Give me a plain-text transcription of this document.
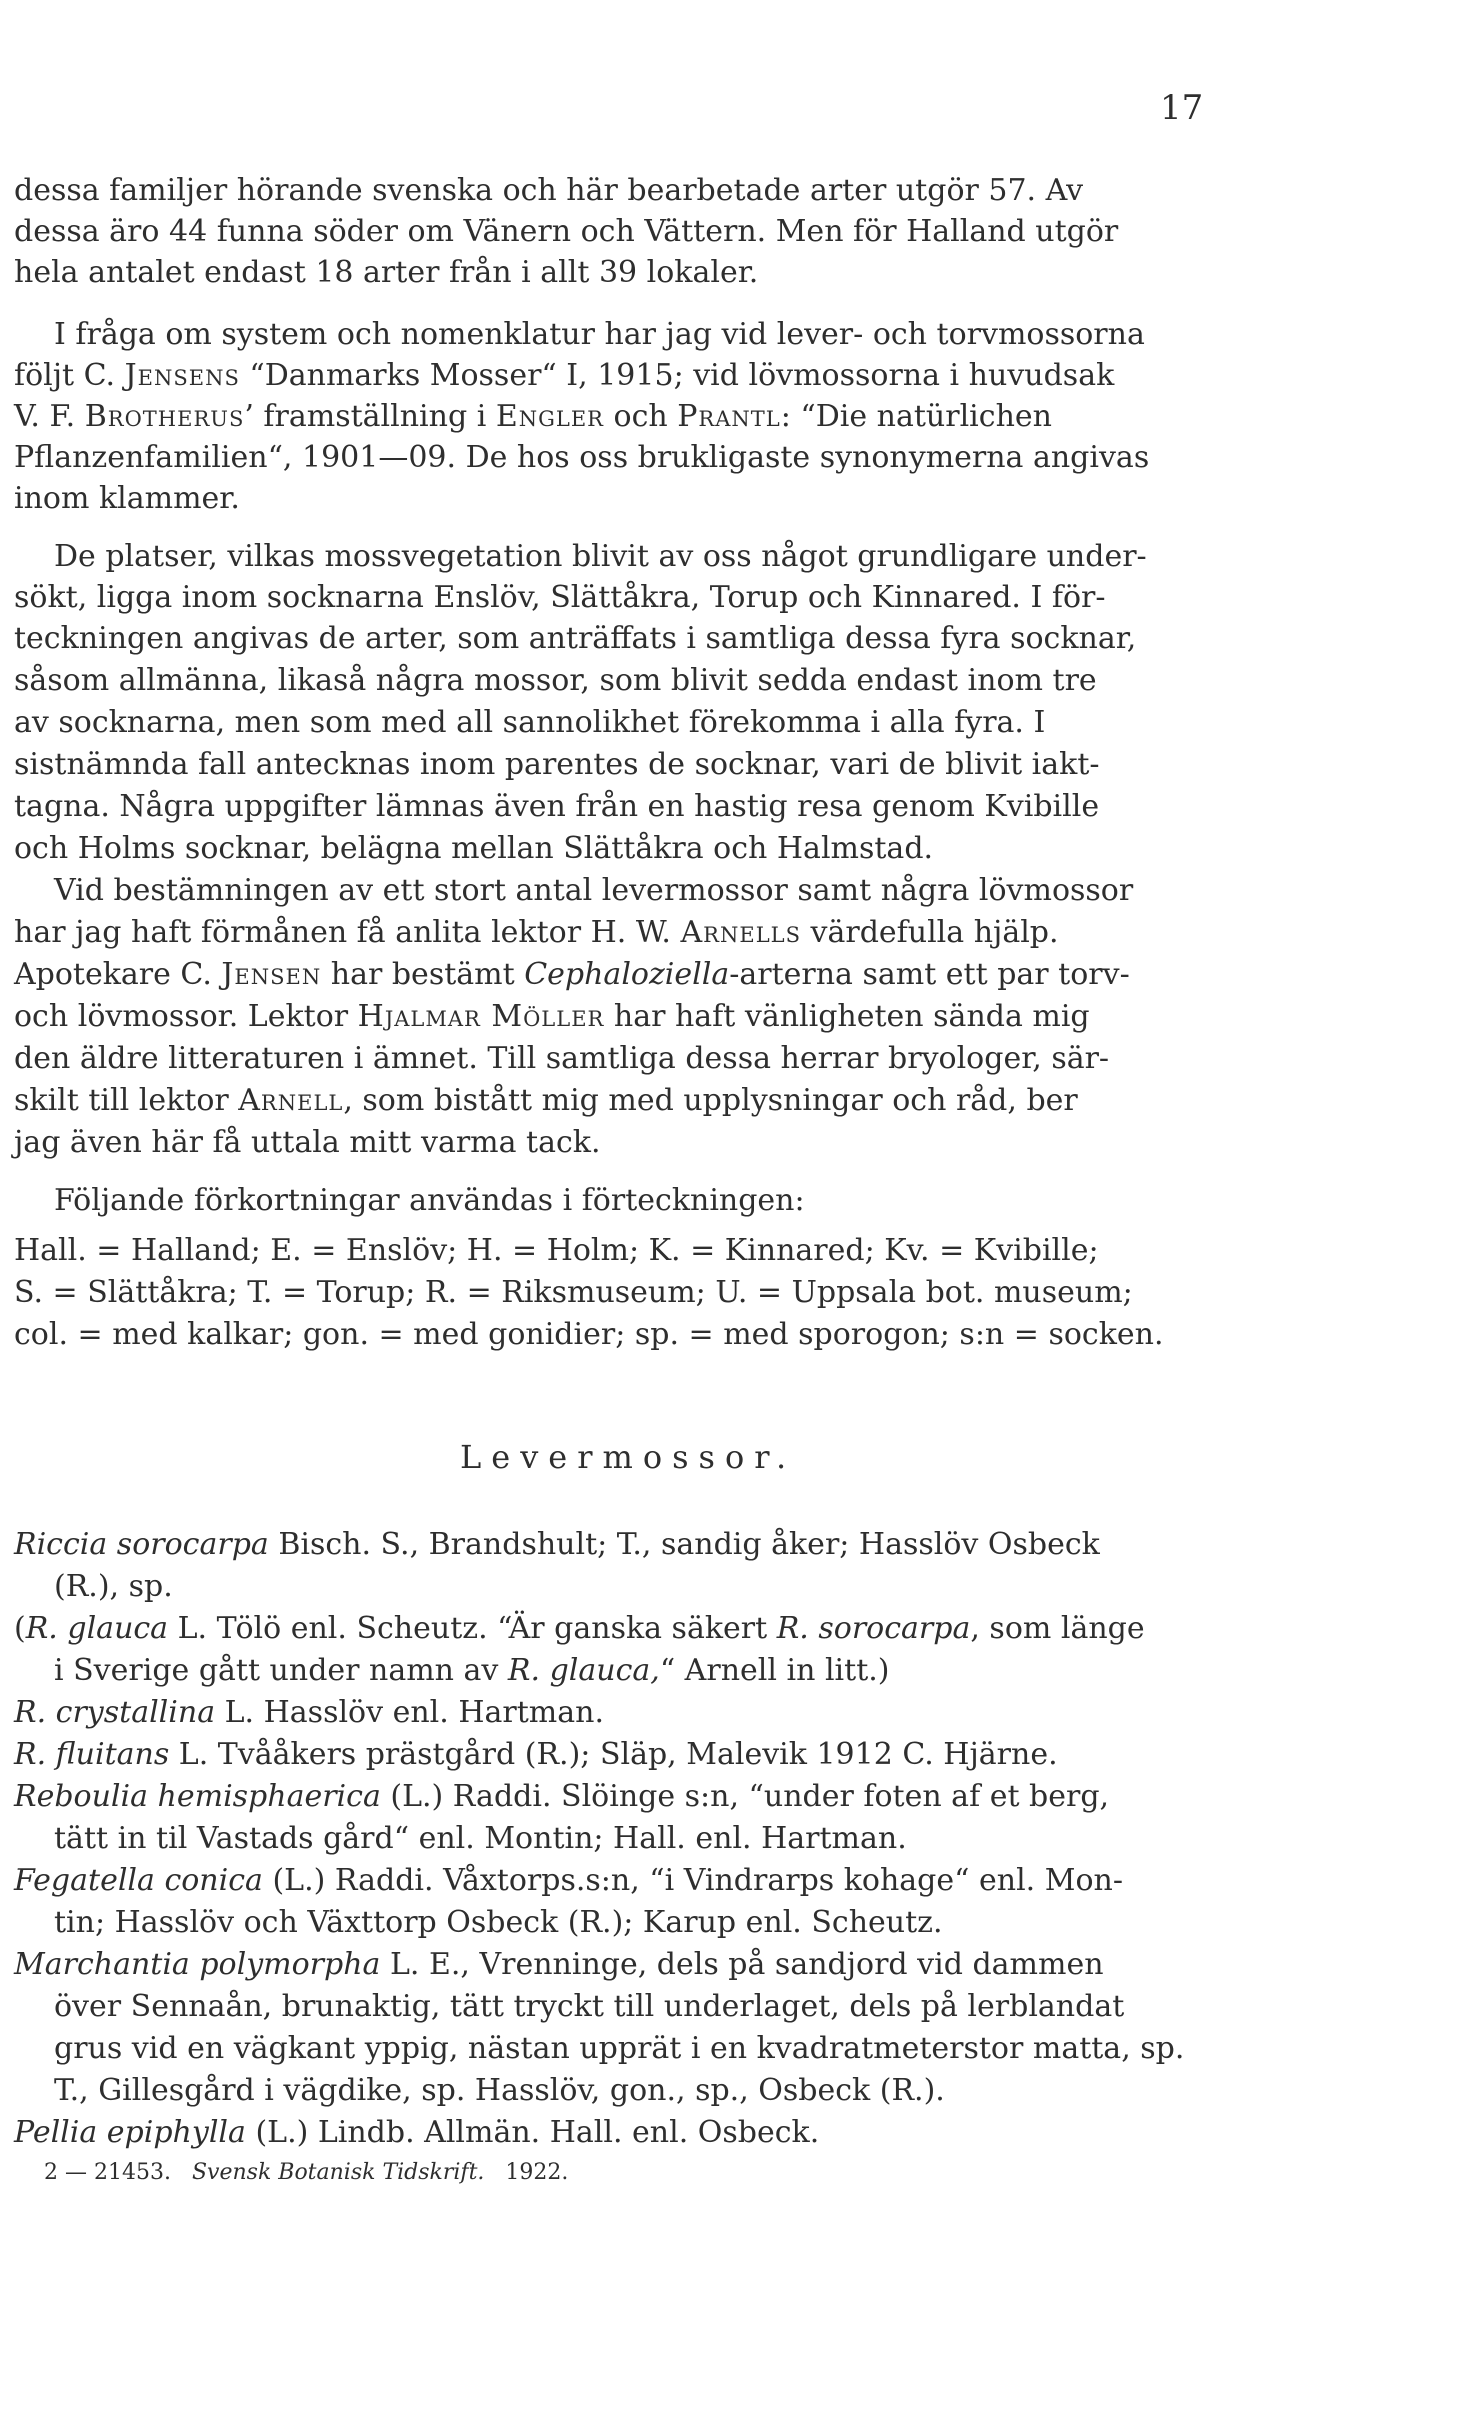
17
dessa familjer hörande svenska och här bearbetade arter utgör 57. Av
dessa äro 44 funna söder om Vänern och Vättern. Men för Halland utgör
hela antalet endast 18 arter från i allt 39 lokaler.
I fråga om system och nomenklatur har jag vid lever- och torvmossorna
följt C. Jensens “Danmarks Mosser“ I, 1915; vid lövmossorna i huvudsak
V. F. Brotherus’ framställning i Engler och Prantl: “Die natürlichen
Pflanzenfamilien“, 1901—09. De hos oss brukligaste synonymerna angivas
inom klammer.
De platser, vilkas mossvegetation blivit av oss något grundligare under-
sökt, ligga inom socknarna Enslöv, Slättåkra, Torup och Kinnared. I för-
teckningen angivas de arter, som anträffats i samtliga dessa fyra socknar,
såsom allmänna, likaså några mossor, som blivit sedda endast inom tre
av socknarna, men som med all sannolikhet förekomma i alla fyra. I
sistnämnda fall antecknas inom parentes de socknar, vari de blivit iakt-
tagna. Några uppgifter lämnas även från en hastig resa genom Kvibille
och Holms socknar, belägna mellan Slättåkra och Halmstad.
Vid bestämningen av ett stort antal levermossor samt några lövmossor
har jag haft förmånen få anlita lektor H. W. Arnells värdefulla hjälp.
Apotekare C. Jensen har bestämt Cephaloziella-arterna samt ett par torv-
och lövmossor. Lektor Hjalmar Möller har haft vänligheten sända mig
den äldre litteraturen i ämnet. Till samtliga dessa herrar bryologer, sär-
skilt till lektor Arnell, som bistått mig med upplysningar och råd, ber
jag även här få uttala mitt varma tack.
Följande förkortningar användas i förteckningen:
Hall. = Halland; E. = Enslöv; H. = Holm; K. = Kinnared; Kv. = Kvibille;
S. = Slättåkra; T. = Torup; R. = Riksmuseum; U. = Uppsala bot. museum;
col. = med kalkar; gon. = med gonidier; sp. = med sporogon; s:n = socken.
Levermossor.
Riccia sorocarpa Bisch. S., Brandshult; T., sandig åker; Hasslöv Osbeck
(R.), sp.
(R. glauca L. Tölö enl. Scheutz. “Är ganska säkert R. sorocarpa, som länge
i Sverige gått under namn av R. glauca,“ Arnell in litt.)
R. crystallina L. Hasslöv enl. Hartman.
R. fluitans L. Tvååkers prästgård (R.); Släp, Malevik 1912 C. Hjärne.
Reboulia hemisphaerica (L.) Raddi. Slöinge s:n, “under foten af et berg,
tätt in til Vastads gård“ enl. Montin; Hall. enl. Hartman.
Fegatella conica (L.) Raddi. Våxtorps.s:n, “i Vindrarps kohage“ enl. Mon-
tin; Hasslöv och Växttorp Osbeck (R.); Karup enl. Scheutz.
Marchantia polymorpha L. E., Vrenninge, dels på sandjord vid dammen
över Sennaån, brunaktig, tätt tryckt till underlaget, dels på lerblandat
grus vid en vägkant yppig, nästan upprät i en kvadratmeterstor matta, sp.
T., Gillesgård i vägdike, sp. Hasslöv, gon., sp., Osbeck (R.).
Pellia epiphylla (L.) Lindb. Allmän. Hall. enl. Osbeck.
2 — 21453. Svensk Botanisk Tidskrift. 1922.
